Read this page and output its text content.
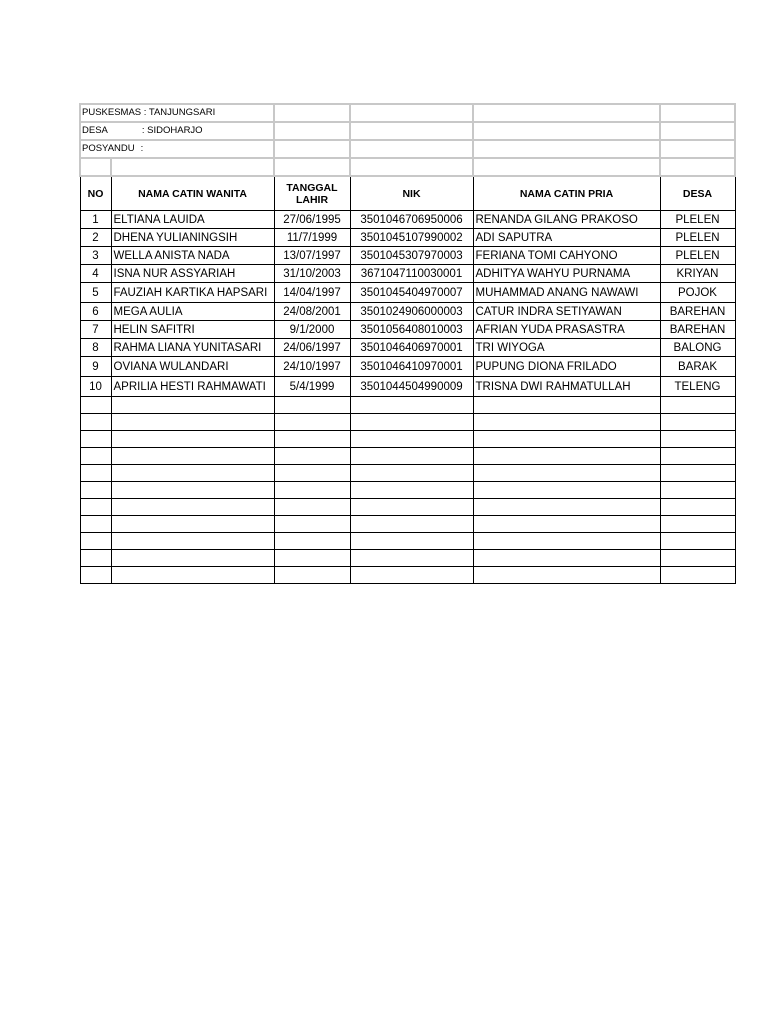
PUSKESMAS : TANJUNGSARI					
DESA : SIDOHARJO					
POSYANDU :					

NO	NAMA CATIN WANITA	TANGGAL LAHIR	NIK	NAMA CATIN PRIA	DESA
1	ELTIANA LAUIDA	27/06/1995	3501046706950006	RENANDA GILANG PRAKOSO	PLELEN
2	DHENA YULIANINGSIH	11/7/1999	3501045107990002	ADI SAPUTRA	PLELEN
3	WELLA ANISTA NADA	13/07/1997	3501045307970003	FERIANA TOMI CAHYONO	PLELEN
4	ISNA NUR ASSYARIAH	31/10/2003	3671047110030001	ADHITYA WAHYU PURNAMA	KRIYAN
5	FAUZIAH KARTIKA HAPSARI	14/04/1997	3501045404970007	MUHAMMAD ANANG NAWAWI	POJOK
6	MEGA AULIA	24/08/2001	3501024906000003	CATUR INDRA SETIYAWAN	BAREHAN
7	HELIN SAFITRI	9/1/2000	3501056408010003	AFRIAN YUDA PRASASTRA	BAREHAN
8	RAHMA LIANA YUNITASARI	24/06/1997	3501046406970001	TRI WIYOGA	BALONG
9	OVIANA WULANDARI	24/10/1997	3501046410970001	PUPUNG DIONA FRILADO	BARAK
10	APRILIA HESTI RAHMAWATI	5/4/1999	3501044504990009	TRISNA DWI RAHMATULLAH	TELENG
